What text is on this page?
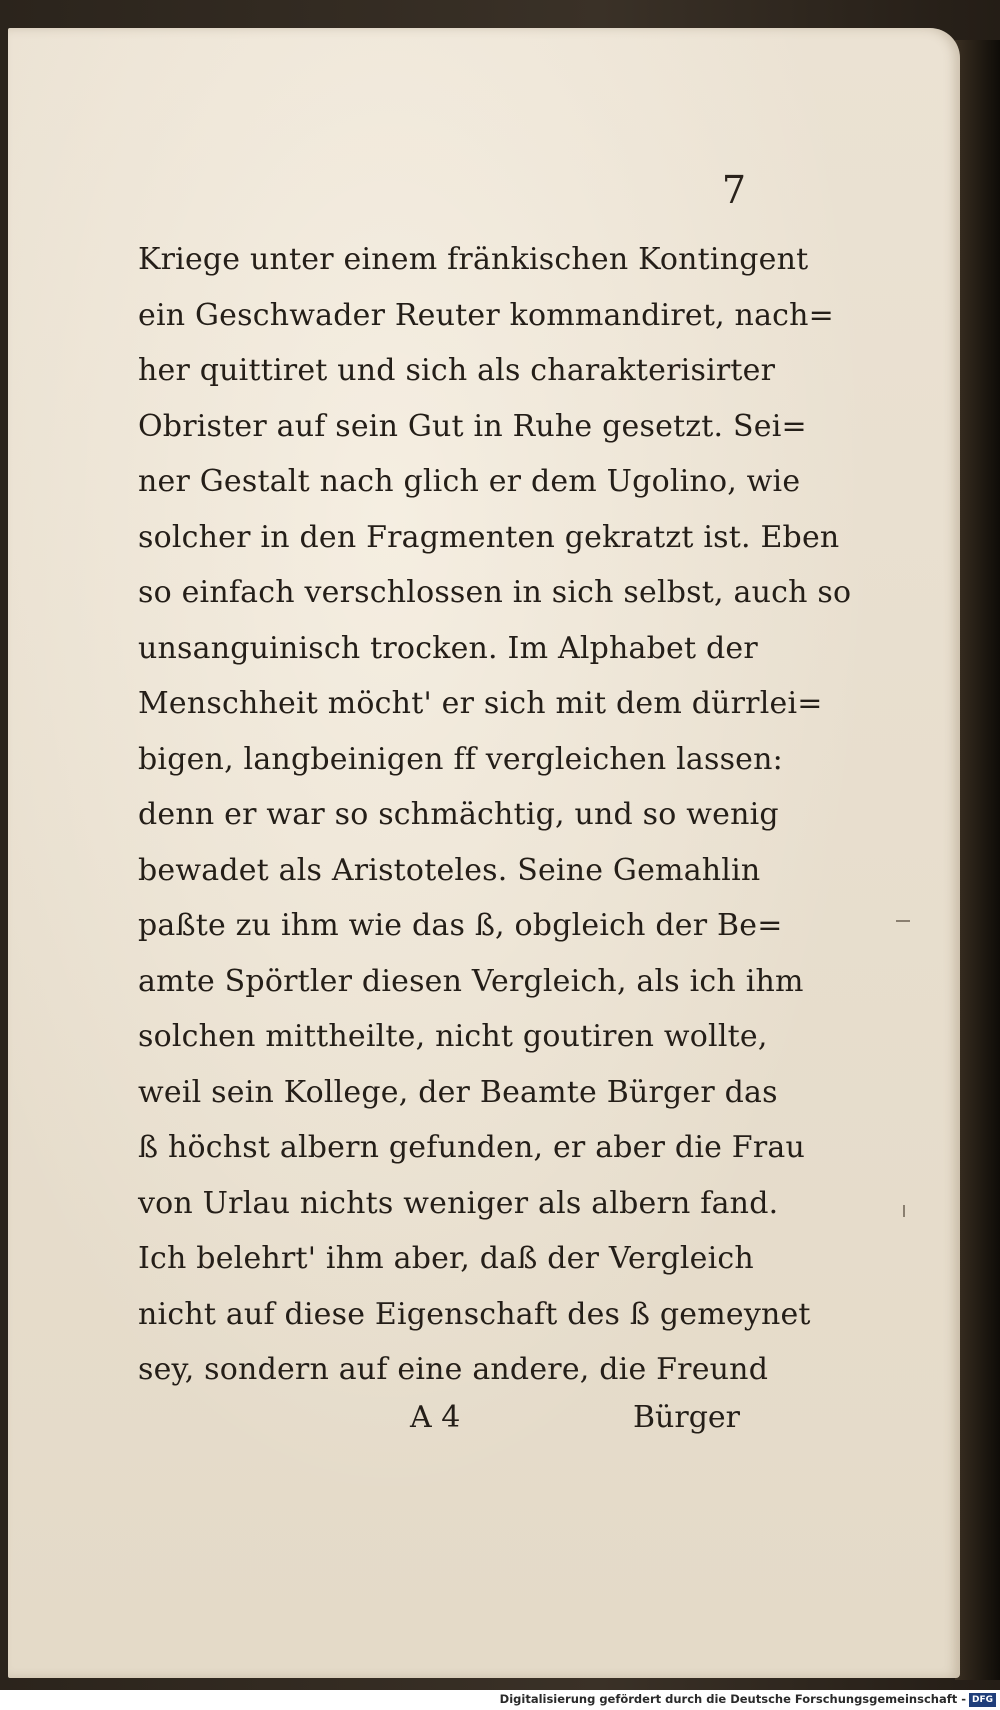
7
Kriege unter einem fränkischen Kontingent
ein Geschwader Reuter kommandiret, nach=
her quittiret und sich als charakterisirter
Obrister auf sein Gut in Ruhe gesetzt. Sei=
ner Gestalt nach glich er dem Ugolino, wie
solcher in den Fragmenten gekratzt ist. Eben
so einfach verschlossen in sich selbst, auch so
unsanguinisch trocken. Im Alphabet der
Menschheit möcht' er sich mit dem dürrlei=
bigen, langbeinigen ff vergleichen lassen:
denn er war so schmächtig, und so wenig
bewadet als Aristoteles. Seine Gemahlin
paßte zu ihm wie das ß, obgleich der Be=
amte Spörtler diesen Vergleich, als ich ihm
solchen mittheilte, nicht goutiren wollte,
weil sein Kollege, der Beamte Bürger das
ß höchst albern gefunden, er aber die Frau
von Urlau nichts weniger als albern fand.
Ich belehrt' ihm aber, daß der Vergleich
nicht auf diese Eigenschaft des ß gemeynet
sey, sondern auf eine andere, die Freund
A 4	Bürger
Digitalisierung gefördert durch die Deutsche Forschungsgemeinschaft - DFG
